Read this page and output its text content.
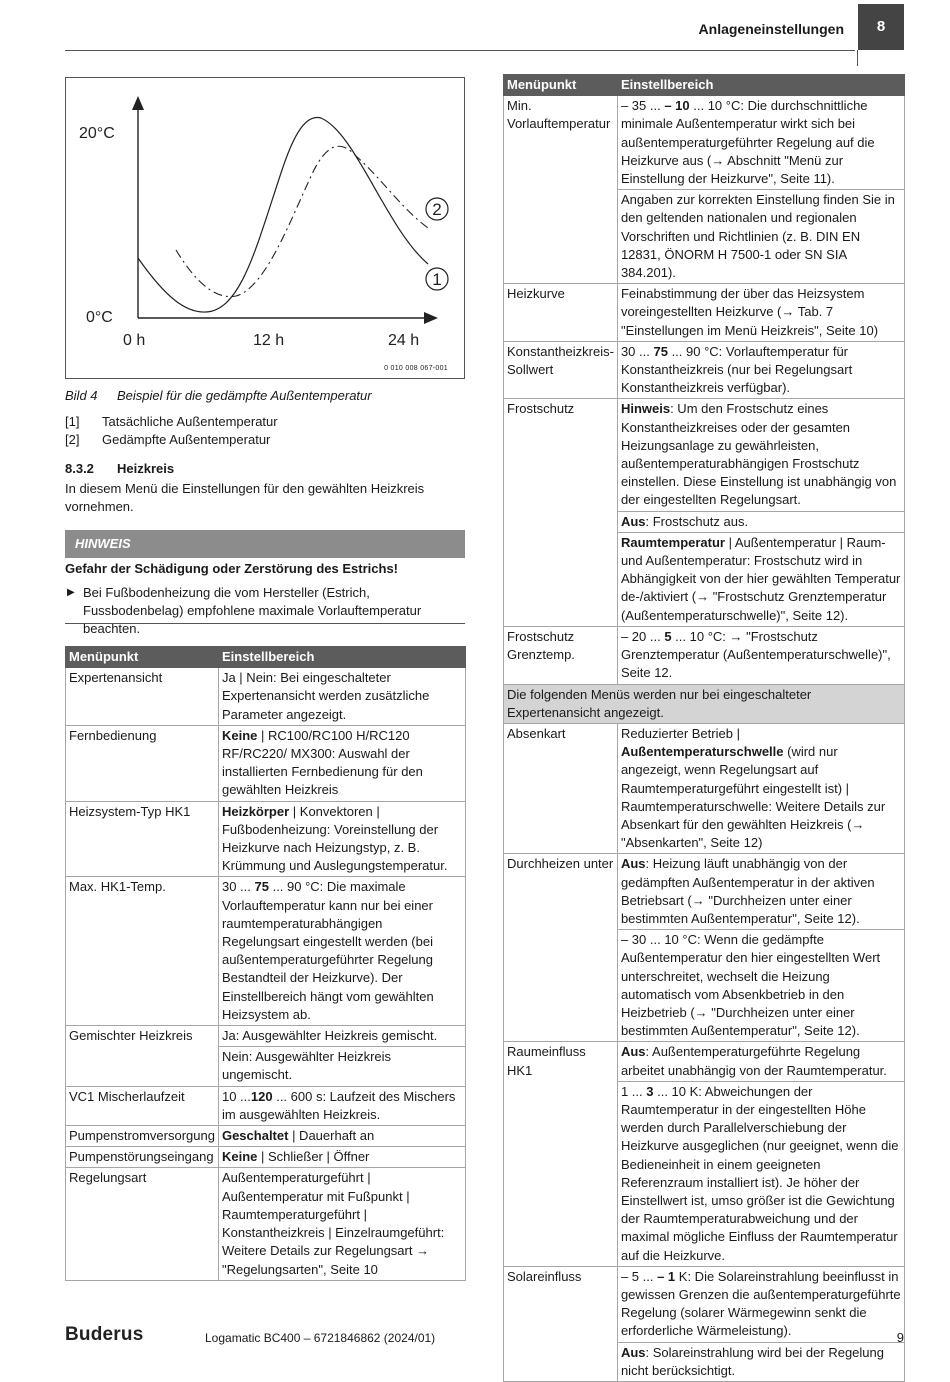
Anlageneinstellungen	8
1
2
20°C
0°C
0 h	12 h	24 h
0 010 008 067-001
Bild 4 Beispiel für die gedämpfte Außentemperatur
[1] Tatsächliche Außentemperatur
[2] Gedämpfte Außentemperatur
8.3.2 Heizkreis
In diesem Menü die Einstellungen für den gewählten Heizkreis vornehmen.
HINWEIS
Gefahr der Schädigung oder Zerstörung des Estrichs!
▶ Bei Fußbodenheizung die vom Hersteller (Estrich, Fussbodenbelag) empfohlene maximale Vorlauftemperatur beachten.
Menüpunkt	Einstellbereich
Expertenansicht	Ja | Nein: Bei eingeschalteter Expertenansicht werden zusätzliche Parameter angezeigt.
Fernbedienung	Keine | RC100/RC100 H/RC120 RF/RC220/ MX300: Auswahl der installierten Fernbedienung für den gewählten Heizkreis
Heizsystem-Typ HK1	Heizkörper | Konvektoren | Fußbodenheizung: Voreinstellung der Heizkurve nach Heizungstyp, z. B. Krümmung und Auslegungstemperatur.
Max. HK1-Temp.	30 ... 75 ... 90 °C: Die maximale Vorlauftemperatur kann nur bei einer raumtemperaturabhängigen Regelungsart eingestellt werden (bei außentemperaturgeführter Regelung Bestandteil der Heizkurve). Der Einstellbereich hängt vom gewählten Heizsystem ab.
Gemischter Heizkreis	Ja: Ausgewählter Heizkreis gemischt.
	Nein: Ausgewählter Heizkreis ungemischt.
VC1 Mischerlaufzeit	10 ...120 ... 600 s: Laufzeit des Mischers im ausgewählten Heizkreis.
Pumpenstromversorgung	Geschaltet | Dauerhaft an
Pumpenstörungseingang	Keine | Schließer | Öffner
Regelungsart	Außentemperaturgeführt | Außentemperatur mit Fußpunkt | Raumtemperaturgeführt | Konstantheizkreis | Einzelraumgeführt: Weitere Details zur Regelungsart → "Regelungsarten", Seite 10
Menüpunkt	Einstellbereich
Min. Vorlauftemperatur	– 35 ... – 10 ... 10 °C: Die durchschnittliche minimale Außentemperatur wirkt sich bei außentemperaturgeführter Regelung auf die Heizkurve aus (→ Abschnitt "Menü zur Einstellung der Heizkurve", Seite 11).
	Angaben zur korrekten Einstellung finden Sie in den geltenden nationalen und regionalen Vorschriften und Richtlinien (z. B. DIN EN 12831, ÖNORM H 7500-1 oder SN SIA 384.201).
Heizkurve	Feinabstimmung der über das Heizsystem voreingestellten Heizkurve (→ Tab. 7 "Einstellungen im Menü Heizkreis", Seite 10)
Konstantheizkreis-Sollwert	30 ... 75 ... 90 °C: Vorlauftemperatur für Konstantheizkreis (nur bei Regelungsart Konstantheizkreis verfügbar).
Frostschutz	Hinweis: Um den Frostschutz eines Konstantheizkreises oder der gesamten Heizungsanlage zu gewährleisten, außentemperaturabhängigen Frostschutz einstellen. Diese Einstellung ist unabhängig von der eingestellten Regelungsart.
	Aus: Frostschutz aus.
	Raumtemperatur | Außentemperatur | Raum- und Außentemperatur: Frostschutz wird in Abhängigkeit von der hier gewählten Temperatur de-/aktiviert (→ "Frostschutz Grenztemperatur (Außentemperaturschwelle)", Seite 12).
Frostschutz Grenztemp.	– 20 ... 5 ... 10 °C: → "Frostschutz Grenztemperatur (Außentemperaturschwelle)", Seite 12.
Die folgenden Menüs werden nur bei eingeschalteter Expertenansicht angezeigt.	
Absenkart	Reduzierter Betrieb | Außentemperaturschwelle (wird nur angezeigt, wenn Regelungsart auf Raumtemperaturgeführt eingestellt ist) | Raumtemperaturschwelle: Weitere Details zur Absenkart für den gewählten Heizkreis (→ "Absenkarten", Seite 12)
Durchheizen unter	Aus: Heizung läuft unabhängig von der gedämpften Außentemperatur in der aktiven Betriebsart (→ "Durchheizen unter einer bestimmten Außentemperatur", Seite 12).
	– 30 ... 10 °C: Wenn die gedämpfte Außentemperatur den hier eingestellten Wert unterschreitet, wechselt die Heizung automatisch vom Absenkbetrieb in den Heizbetrieb (→ "Durchheizen unter einer bestimmten Außentemperatur", Seite 12).
Raumeinfluss HK1	Aus: Außentemperaturgeführte Regelung arbeitet unabhängig von der Raumtemperatur.
	1 ... 3 ... 10 K: Abweichungen der Raumtemperatur in der eingestellten Höhe werden durch Parallelverschiebung der Heizkurve ausgeglichen (nur geeignet, wenn die Bedieneinheit in einem geeigneten Referenzraum installiert ist). Je höher der Einstellwert ist, umso größer ist die Gewichtung der Raumtemperaturabweichung und der maximal mögliche Einfluss der Raumtemperatur auf die Heizkurve.
Solareinfluss	– 5 ... – 1 K: Die Solareinstrahlung beeinflusst in gewissen Grenzen die außentemperaturgeführte Regelung (solarer Wärmegewinn senkt die erforderliche Wärmeleistung).
	Aus: Solareinstrahlung wird bei der Regelung nicht berücksichtigt.
Buderus	Logamatic BC400 – 6721846862 (2024/01)	9
